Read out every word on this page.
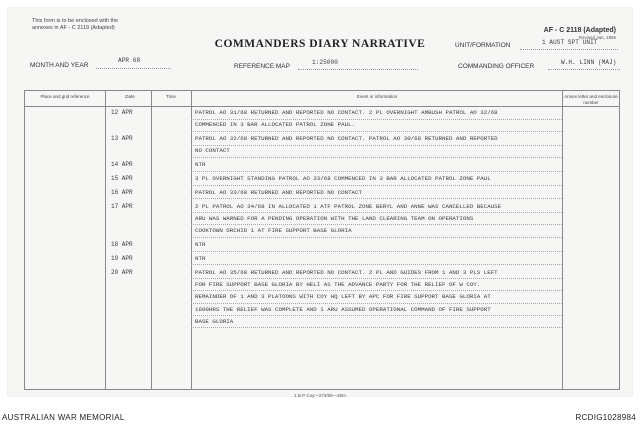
This form is to be enclosed with the annexes in AF - C 2119 (Adapted)	AF - C 2118 (Adapted)
Revised Jan, 1965
COMMANDERS DIARY NARRATIVE	UNIT/FORMATION	1 AUST SPT UNIT
MONTH AND YEAR
APR 68
REFERENCE MAP
1:25000
COMMANDING OFFICER
W.H. LINN (MAJ)
Place and grid reference	Date	Time	Event or information	Annex letter and enclosure number
12 APR	PATROL AO 31/68 RETURNED AND REPORTED NO CONTACT. 2 PL OVERNIGHT AMBUSH PATROL AO 32/68
COMMENCED IN 3 BAR ALLOCATED PATROL ZONE PAUL.
13 APR	PATROL AO 32/68 RETURNED AND REPORTED NO CONTACT. PATROL AO 30/68 RETURNED AND REPORTED
NO CONTACT
14 APR	NTR
15 APR	3 PL OVERNIGHT STANDING PATROL AO 33/68 COMMENCED IN 3 BAR ALLOCATED PATROL ZONE PAUL
16 APR	PATROL AO 33/68 RETURNED AND REPORTED NO CONTACT
17 APR	2 PL PATROL AO 34/68 IN ALLOCATED 1 ATF PATROL ZONE BERYL AND ANNE WAS CANCELLED BECAUSE
ARU WAS WARNED FOR A PENDING OPERATION WITH THE LAND CLEARING TEAM ON OPERATIONS
COOKTOWN ORCHID 1 AT FIRE SUPPORT BASE GLORIA
18 APR	NTR
19 APR	NTR
20 APR	PATROL AO 35/68 RETURNED AND REPORTED NO CONTACT. 2 PL AND GUIDES FROM 1 AND 3 PLS LEFT
FOR FIRE SUPPORT BASE GLORIA BY HELI AS THE ADVANCE PARTY FOR THE RELIEF OF W COY.
REMAINDER OF 1 AND 3 PLATOONS WITH COY HQ LEFT BY APC FOR FIRE SUPPORT BASE GLORIA AT
1600HRS THE RELIEF WAS COMPLETE AND 1 ARU ASSUMED OPERATIONAL COMMAND OF FIRE SUPPORT
BASE GLORIA
1 B P Coy—273/65—25m
AUSTRALIAN WAR MEMORIAL	RCDIG1028984
